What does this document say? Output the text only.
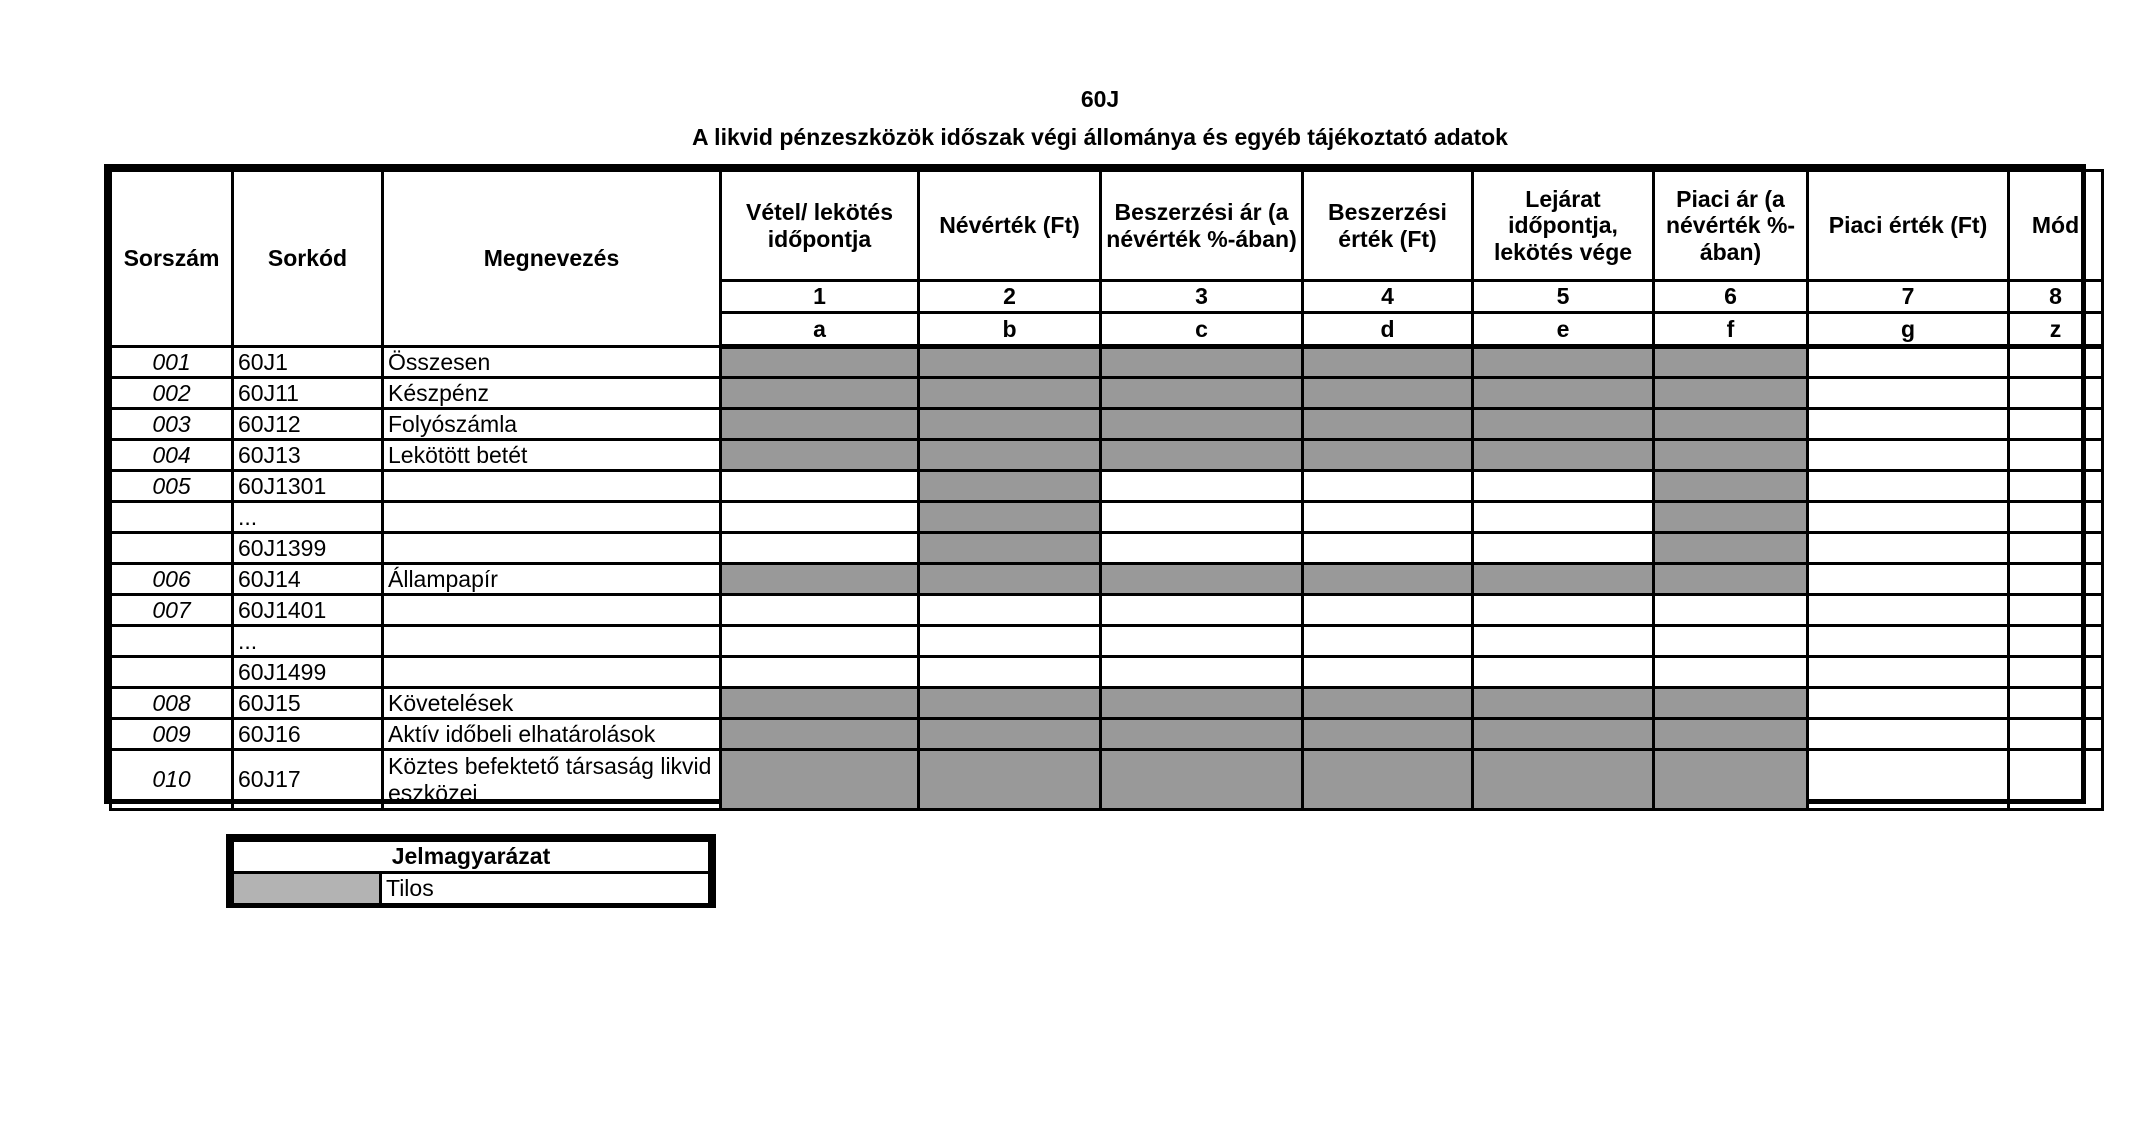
60J
A likvid pénzeszközök időszak végi állománya és egyéb tájékoztató adatok
Sorszám	Sorkód	Megnevezés	Vétel/ lekötés időpontja	Névérték (Ft)	Beszerzési ár (a névérték %-ában)	Beszerzési érték (Ft)	Lejárat időpontja, lekötés vége	Piaci ár (a névérték %-ában)	Piaci érték (Ft)	Mód
			1	2	3	4	5	6	7	8
			a	b	c	d	e	f	g	z
001	60J1	Összesen								
002	60J11	Készpénz								
003	60J12	Folyószámla								
004	60J13	Lekötött betét								
005	60J1301									
	...									
	60J1399									
006	60J14	Állampapír								
007	60J1401									
	...									
	60J1499									
008	60J15	Követelések								
009	60J16	Aktív időbeli elhatárolások								
010	60J17	Köztes befektető társaság likvid eszközei								
Jelmagyarázat
	Tilos
